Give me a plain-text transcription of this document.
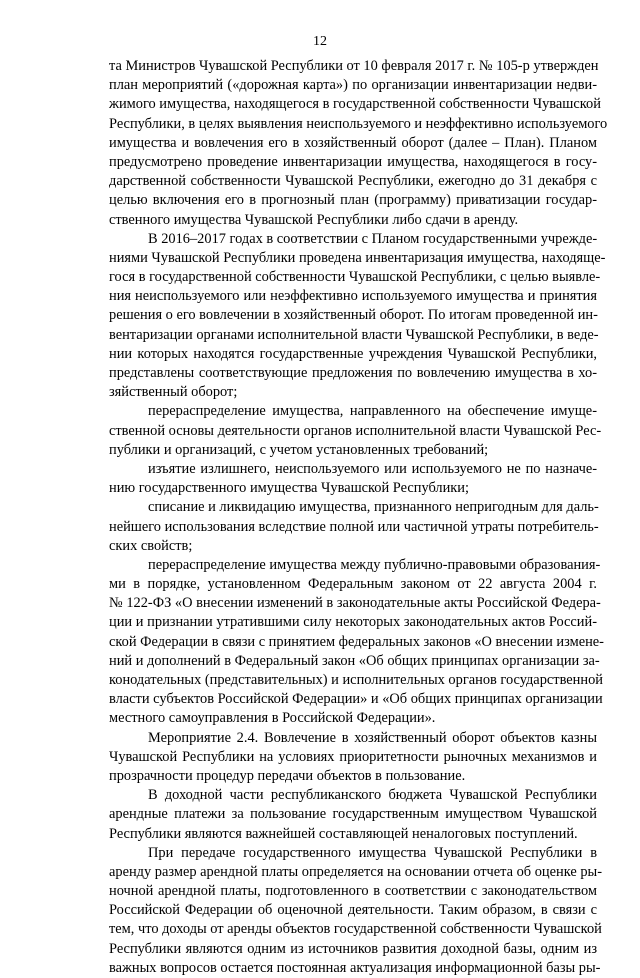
12
та Министров Чувашской Республики от 10 февраля 2017 г. № 105-р утвержден
план мероприятий («дорожная карта») по организации инвентаризации недви-
жимого имущества, находящегося в государственной собственности Чувашской
Республики, в целях выявления неиспользуемого и неэффективно используемого
имущества и вовлечения его в хозяйственный оборот (далее – План). Планом
предусмотрено проведение инвентаризации имущества, находящегося в госу-
дарственной собственности Чувашской Республики, ежегодно до 31 декабря с
целью включения его в прогнозный план (программу) приватизации государ-
ственного имущества Чувашской Республики либо сдачи в аренду.
В 2016–2017 годах в соответствии с Планом государственными учрежде-
ниями Чувашской Республики проведена инвентаризация имущества, находяще-
гося в государственной собственности Чувашской Республики, с целью выявле-
ния неиспользуемого или неэффективно используемого имущества и принятия
решения о его вовлечении в хозяйственный оборот. По итогам проведенной ин-
вентаризации органами исполнительной власти Чувашской Республики, в веде-
нии которых находятся государственные учреждения Чувашской Республики,
представлены соответствующие предложения по вовлечению имущества в хо-
зяйственный оборот;
перераспределение имущества, направленного на обеспечение имуще-
ственной основы деятельности органов исполнительной власти Чувашской Рес-
публики и организаций, с учетом установленных требований;
изъятие излишнего, неиспользуемого или используемого не по назначе-
нию государственного имущества Чувашской Республики;
списание и ликвидацию имущества, признанного непригодным для даль-
нейшего использования вследствие полной или частичной утраты потребитель-
ских свойств;
перераспределение имущества между публично-правовыми образования-
ми в порядке, установленном Федеральным законом от 22 августа 2004 г.
№ 122-ФЗ «О внесении изменений в законодательные акты Российской Федера-
ции и признании утратившими силу некоторых законодательных актов Россий-
ской Федерации в связи с принятием федеральных законов «О внесении измене-
ний и дополнений в Федеральный закон «Об общих принципах организации за-
конодательных (представительных) и исполнительных органов государственной
власти субъектов Российской Федерации» и «Об общих принципах организации
местного самоуправления в Российской Федерации».
Мероприятие 2.4. Вовлечение в хозяйственный оборот объектов казны
Чувашской Республики на условиях приоритетности рыночных механизмов и
прозрачности процедур передачи объектов в пользование.
В доходной части республиканского бюджета Чувашской Республики
арендные платежи за пользование государственным имуществом Чувашской
Республики являются важнейшей составляющей неналоговых поступлений.
При передаче государственного имущества Чувашской Республики в
аренду размер арендной платы определяется на основании отчета об оценке ры-
ночной арендной платы, подготовленного в соответствии с законодательством
Российской Федерации об оценочной деятельности. Таким образом, в связи с
тем, что доходы от аренды объектов государственной собственности Чувашской
Республики являются одним из источников развития доходной базы, одним из
важных вопросов остается постоянная актуализация информационной базы ры-
